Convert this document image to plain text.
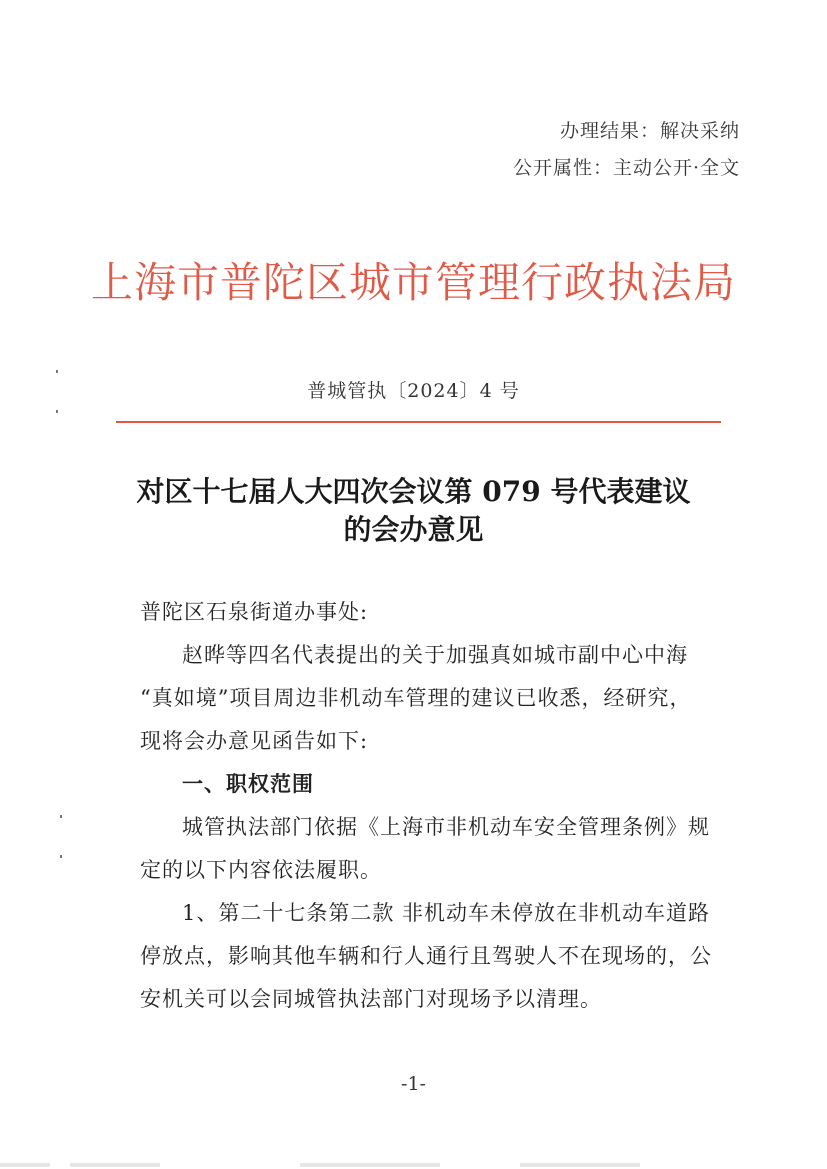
办理结果：解决采纳
公开属性：主动公开·全文
上海市普陀区城市管理行政执法局
普城管执〔2024〕4 号
对区十七届人大四次会议第 079 号代表建议
的会办意见
普陀区石泉街道办事处:
赵晔等四名代表提出的关于加强真如城市副中心中海
“真如境”项目周边非机动车管理的建议已收悉，经研究，
现将会办意见函告如下:
一、职权范围
城管执法部门依据《上海市非机动车安全管理条例》规
定的以下内容依法履职。
1、第二十七条第二款 非机动车未停放在非机动车道路
停放点，影响其他车辆和行人通行且驾驶人不在现场的，公
安机关可以会同城管执法部门对现场予以清理。
-1-
